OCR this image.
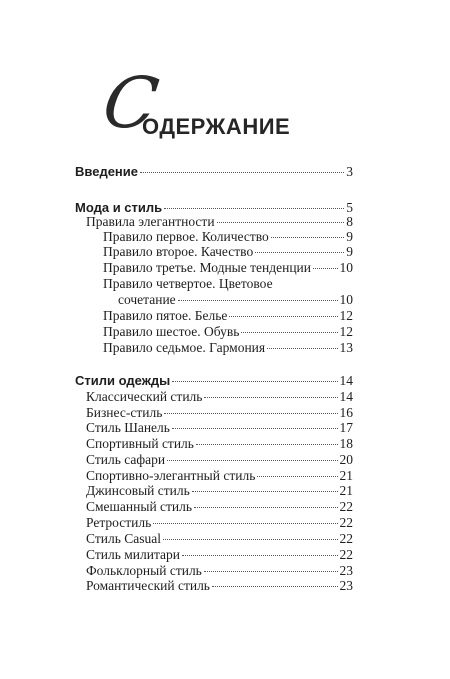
С
ОДЕРЖАНИЕ
Введение	3
Мода и стиль	5
Правила элегантности	8
Правило первое. Количество	9
Правило второе. Качество	9
Правило третье. Модные тенденции 10
Правило четвертое. Цветовое
сочетание	10
Правило пятое. Белье	12
Правило шестое. Обувь	12
Правило седьмое. Гармония	13
Стили одежды	14
Классический стиль	14
Бизнес-стиль	16
Стиль Шанель	17
Спортивный стиль	18
Стиль сафари	20
Спортивно-элегантный стиль	21
Джинсовый стиль	21
Смешанный стиль	22
Ретростиль	22
Стиль Casual	22
Стиль милитари	22
Фольклорный стиль	23
Романтический стиль	23
